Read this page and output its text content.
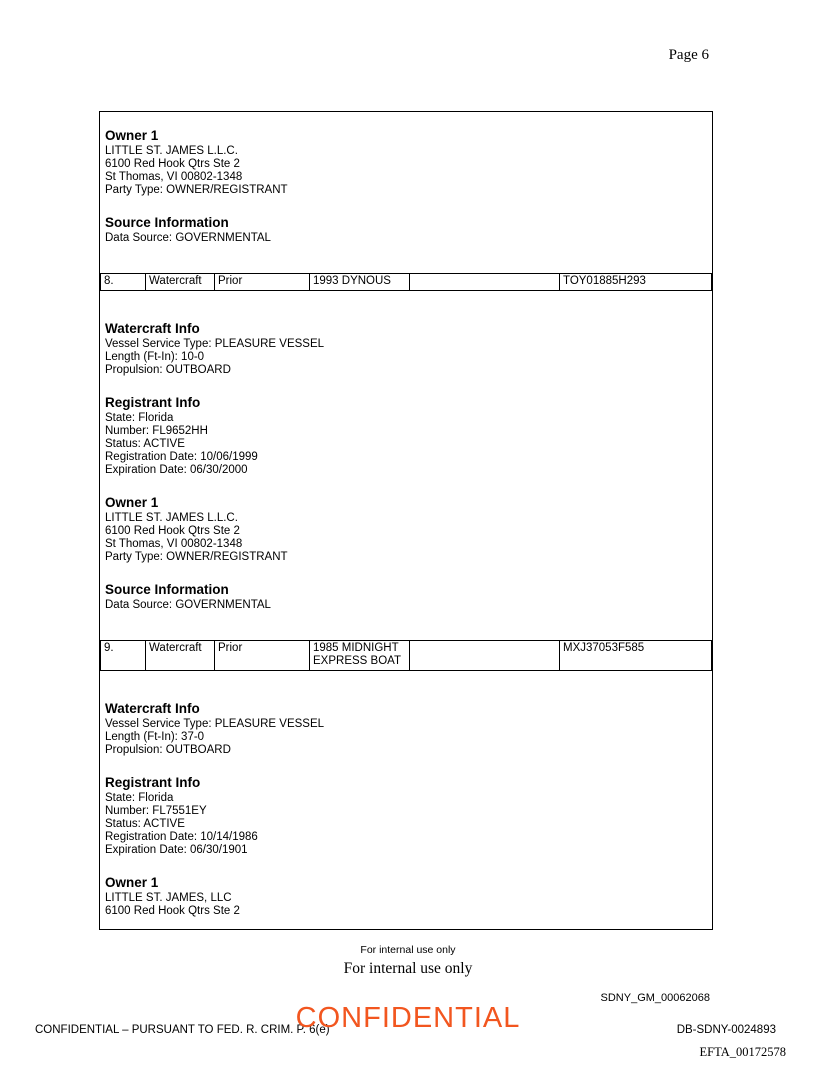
Page 6
Owner 1
LITTLE ST. JAMES L.L.C.
6100 Red Hook Qtrs Ste 2
St Thomas, VI 00802-1348
Party Type: OWNER/REGISTRANT
Source Information
Data Source: GOVERNMENTAL
8.	Watercraft	Prior	1993 DYNOUS		TOY01885H293
Watercraft Info
Vessel Service Type: PLEASURE VESSEL
Length (Ft-In): 10-0
Propulsion: OUTBOARD
Registrant Info
State: Florida
Number: FL9652HH
Status: ACTIVE
Registration Date: 10/06/1999
Expiration Date: 06/30/2000
Owner 1
LITTLE ST. JAMES L.L.C.
6100 Red Hook Qtrs Ste 2
St Thomas, VI 00802-1348
Party Type: OWNER/REGISTRANT
Source Information
Data Source: GOVERNMENTAL
9.	Watercraft	Prior	1985 MIDNIGHT EXPRESS BOAT		MXJ37053F585
Watercraft Info
Vessel Service Type: PLEASURE VESSEL
Length (Ft-In): 37-0
Propulsion: OUTBOARD
Registrant Info
State: Florida
Number: FL7551EY
Status: ACTIVE
Registration Date: 10/14/1986
Expiration Date: 06/30/1901
Owner 1
LITTLE ST. JAMES, LLC
6100 Red Hook Qtrs Ste 2
For internal use only
For internal use only
SDNY_GM_00062068
CONFIDENTIAL – PURSUANT TO FED. R. CRIM. P. 6(e)
CONFIDENTIAL	DB-SDNY-0024893
EFTA_00172578
